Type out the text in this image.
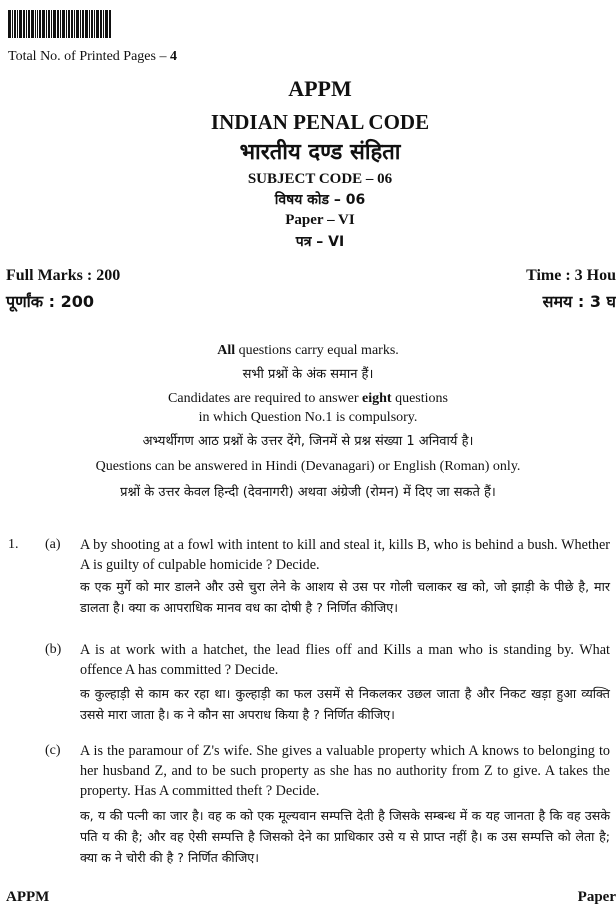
Total No. of Printed Pages – 4
APPM
INDIAN PENAL CODE
भारतीय दण्ड संहिता
SUBJECT CODE – 06
विषय कोड – 06
Paper – VI
पत्र – VI
Full Marks : 200
पूर्णांक : 200
Time : 3 Hou
समय : 3 घ
All questions carry equal marks.
सभी प्रश्नों के अंक समान हैं।
Candidates are required to answer eight questions
in which Question No.1 is compulsory.
अभ्यर्थीगण आठ प्रश्नों के उत्तर देंगे, जिनमें से प्रश्न संख्या 1 अनिवार्य है।
Questions can be answered in Hindi (Devanagari) or English (Roman) only.
प्रश्नों के उत्तर केवल हिन्दी (देवनागरी) अथवा अंग्रेजी (रोमन) में दिए जा सकते हैं।
1. (a) A by shooting at a fowl with intent to kill and steal it, kills B, who is behind a bush. Whether A is guilty of culpable homicide ? Decide.
क एक मुर्गे को मार डालने और उसे चुरा लेने के आशय से उस पर गोली चलाकर ख को, जो झाड़ी के पीछे है, मार डालता है। क्या क आपराधिक मानव वध का दोषी है ? निर्णित कीजिए।
(b) A is at work with a hatchet, the lead flies off and Kills a man who is standing by. What offence A has committed ? Decide.
क कुल्हाड़ी से काम कर रहा था। कुल्हाड़ी का फल उसमें से निकलकर उछल जाता है और निकट खड़ा हुआ व्यक्ति उससे मारा जाता है। क ने कौन सा अपराध किया है ? निर्णित कीजिए।
(c) A is the paramour of Z's wife. She gives a valuable property which A knows to belonging to her husband Z, and to be such property as she has no authority from Z to give. A takes the property. Has A committed theft ? Decide.
क, य की पत्नी का जार है। वह क को एक मूल्यवान सम्पत्ति देती है जिसके सम्बन्ध में क यह जानता है कि वह उसके पति य की है; और वह ऐसी सम्पत्ति है जिसको देने का प्राधिकार उसे य से प्राप्त नहीं है। क उस सम्पत्ति को लेता है; क्या क ने चोरी की है ? निर्णित कीजिए।
APPM	Paper
